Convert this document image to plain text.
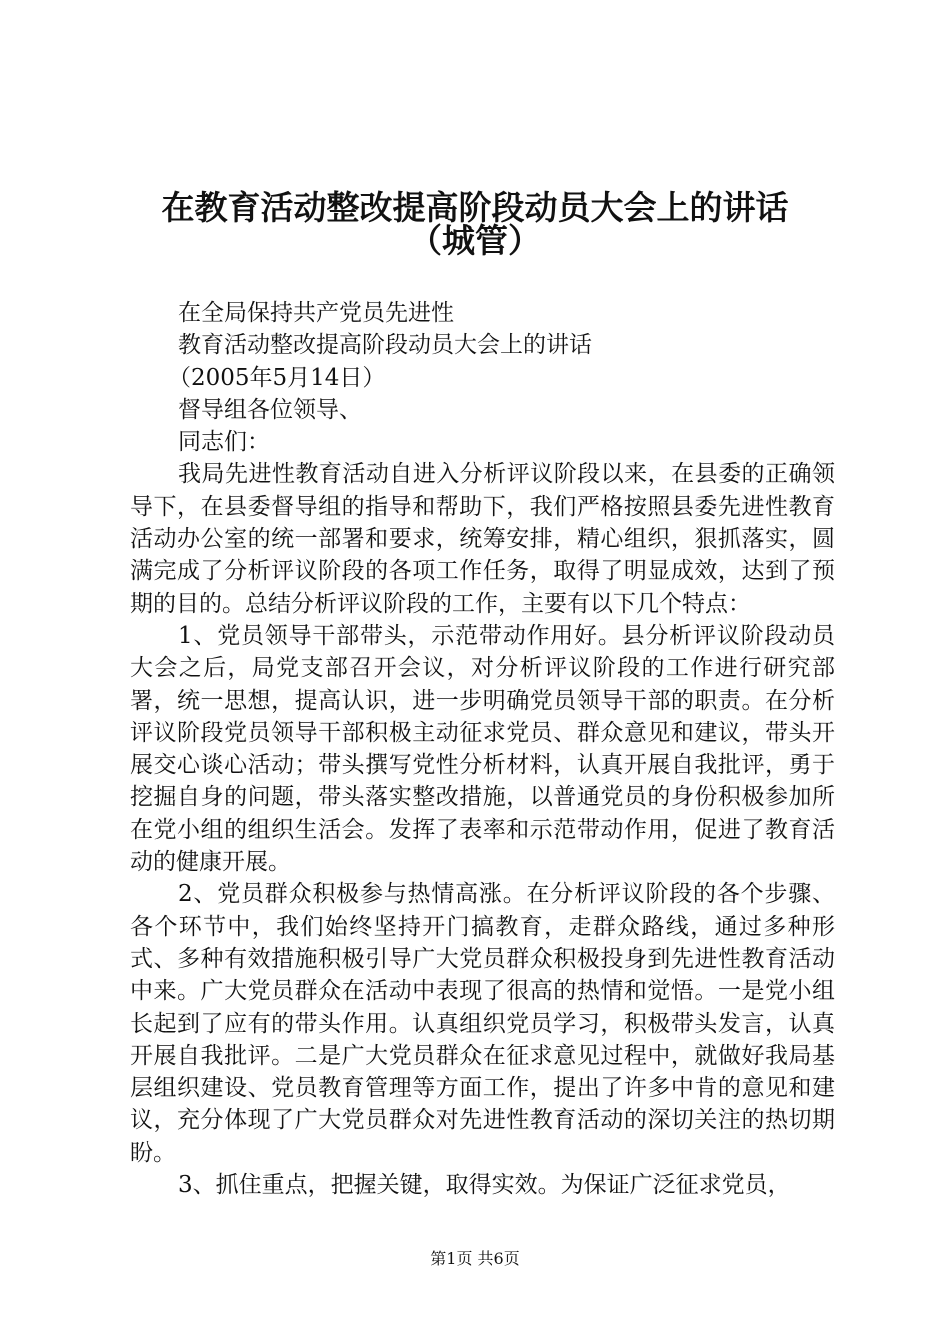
在教育活动整改提高阶段动员大会上的讲话
（城管）

在全局保持共产党员先进性

教育活动整改提高阶段动员大会上的讲话

（2005年5月14日）

督导组各位领导、

同志们：

我局先进性教育活动自进入分析评议阶段以来，在县委的正确领导下，在县委督导组的指导和帮助下，我们严格按照县委先进性教育活动办公室的统一部署和要求，统筹安排，精心组织，狠抓落实，圆满完成了分析评议阶段的各项工作任务，取得了明显成效，达到了预期的目的。总结分析评议阶段的工作，主要有以下几个特点：

1、党员领导干部带头，示范带动作用好。县分析评议阶段动员大会之后，局党支部召开会议，对分析评议阶段的工作进行研究部署，统一思想，提高认识，进一步明确党员领导干部的职责。在分析评议阶段党员领导干部积极主动征求党员、群众意见和建议，带头开展交心谈心活动；带头撰写党性分析材料，认真开展自我批评，勇于挖掘自身的问题，带头落实整改措施，以普通党员的身份积极参加所在党小组的组织生活会。发挥了表率和示范带动作用，促进了教育活动的健康开展。

2、党员群众积极参与热情高涨。在分析评议阶段的各个步骤、各个环节中，我们始终坚持开门搞教育，走群众路线，通过多种形式、多种有效措施积极引导广大党员群众积极投身到先进性教育活动中来。广大党员群众在活动中表现了很高的热情和觉悟。一是党小组长起到了应有的带头作用。认真组织党员学习，积极带头发言，认真开展自我批评。二是广大党员群众在征求意见过程中，就做好我局基层组织建设、党员教育管理等方面工作，提出了许多中肯的意见和建议，充分体现了广大党员群众对先进性教育活动的深切关注的热切期盼。

3、抓住重点，把握关键，取得实效。为保证广泛征求党员，

第1页 共6页
